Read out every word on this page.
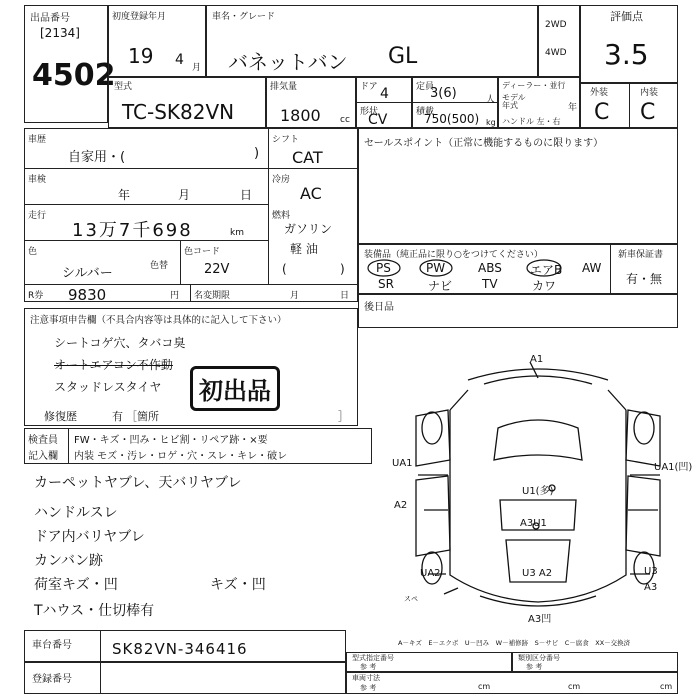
出品番号
[2134]
4502
初度登録年月
19 4 月
車名・グレード
バネットバン GL
2WD
4WD
評価点
3.5
外装	内装
C C
型式
TC-SK82VN
排気量
1800 cc
ドア 4
形状
CV
定員
3(6)	人
積載
750(500) kg
ディーラー・並行
モデル年式	年
ハンドル 左・右
車歴
自家用・(	)
シフト
CAT
車検
年	月	日
冷房
AC
走行
13万7千698	km
燃料
ガソリン
軽 油
(	)
色
シルバー	色替
色コード
22V
R券 9830	円 名変期限	月	日
セールスポイント（正常に機能するものに限ります）
装備品（純正品に限り○をつけてください）	新車保証書
有・無
PS	PW	ABS エアB AW
SR	ナビ TV	カワ
後日品
注意事項申告欄（不具合内容等は具体的に記入して下さい）
シートコゲ穴、タバコ臭
オートエアコン不作動
スタッドレスタイヤ	初出品
修復歴	有 ［箇所	］
検査員
記入欄
FW・キズ・凹み・ヒビ割・リペア跡・×要
内装 モズ・汚レ・ロゲ・穴・スレ・キレ・破レ
カーペットヤブレ、天バリヤブレ
ハンドルスレ
ドア内バリヤブレ
カンバン跡
荷室キズ・凹	キズ・凹
Tハウス・仕切棒有
A1
UA1	UA1(凹)
U1(多)
A2
A3U1
UA2	U3 A2	U3
A3
A3凹
スペ
A－キズ　E－エクボ　U－凹み　W－補修跡　S－サビ　C－腐食　XX－交換済
車台番号	SK82VN-346416
登録番号
型式指定番号
参 考
類別区分番号
参 考
車両寸法
参 考	cm	cm	cm
